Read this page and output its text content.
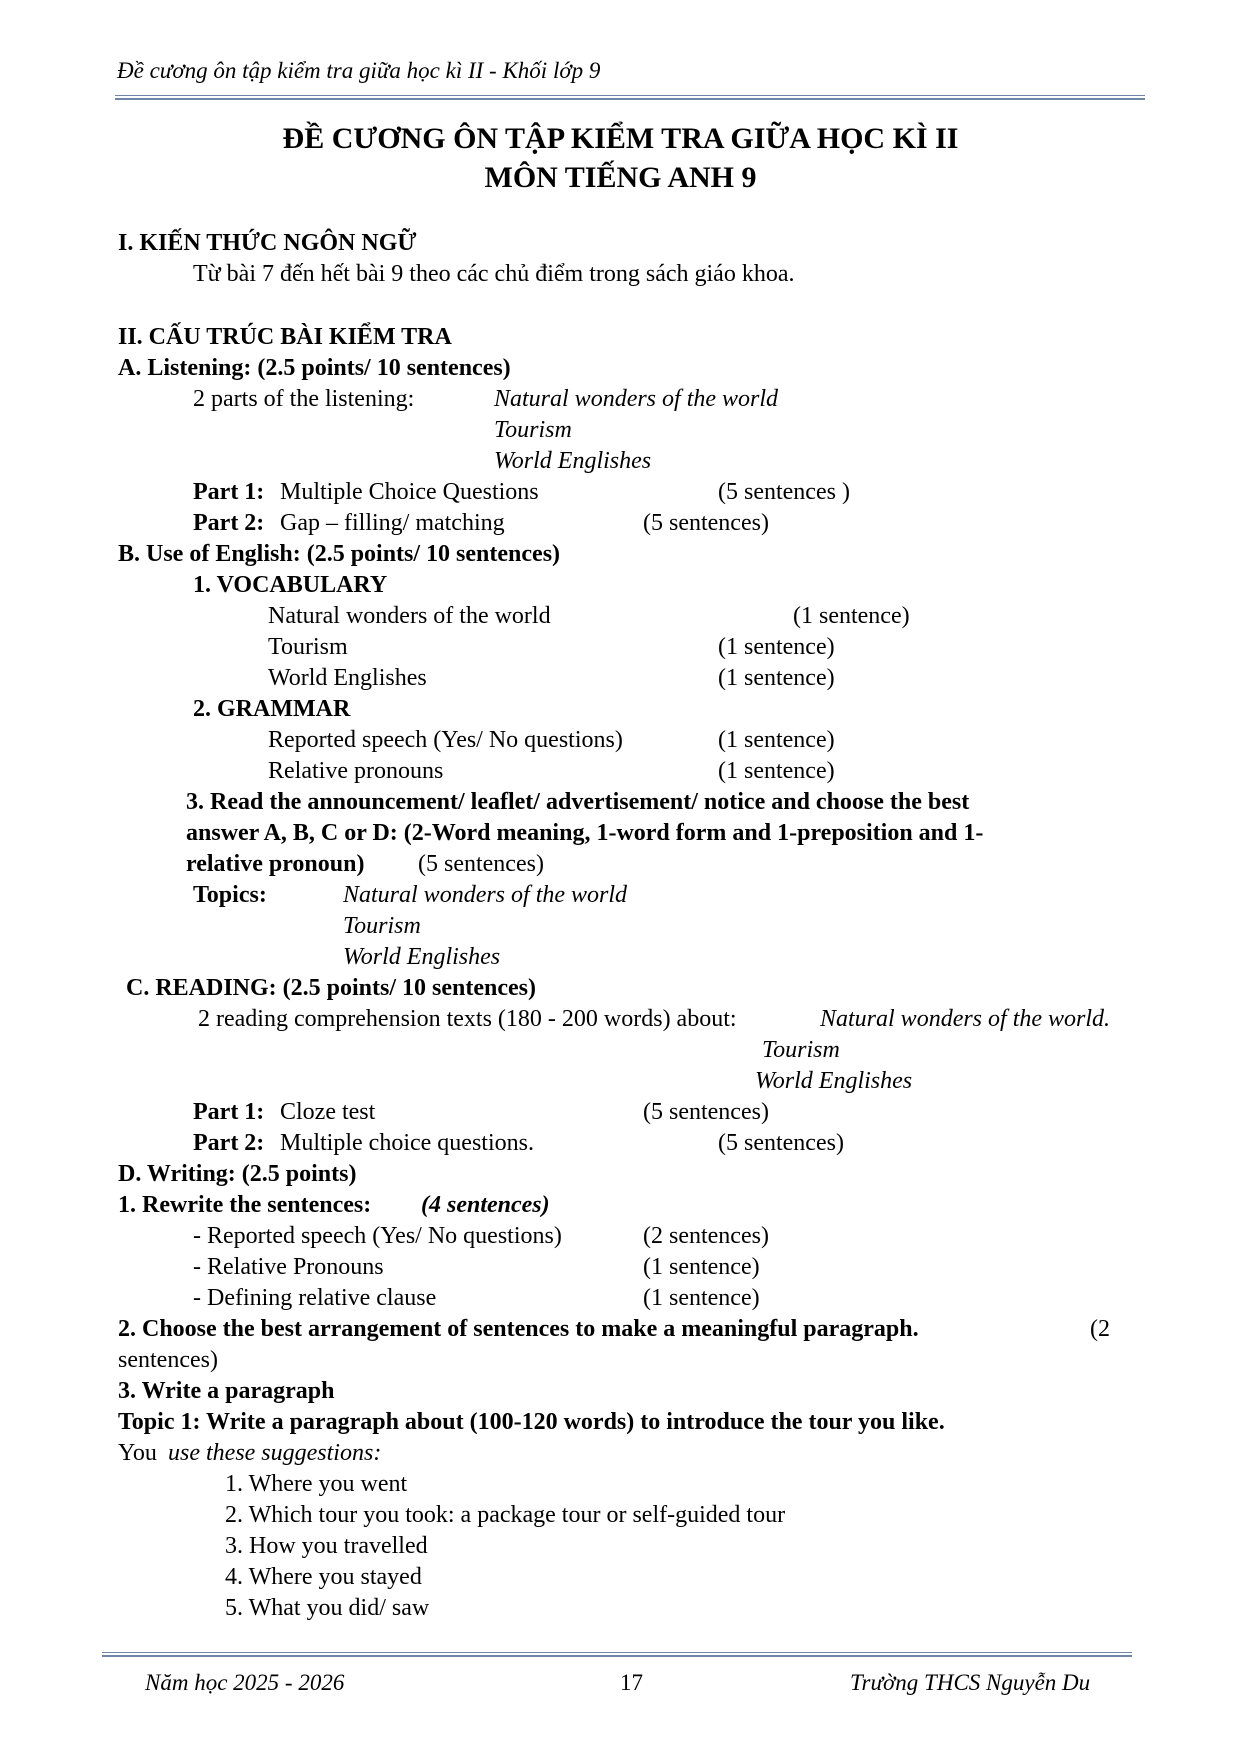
Đề cương ôn tập kiểm tra giữa học kì II - Khối lớp 9
ĐỀ CƯƠNG ÔN TẬP KIỂM TRA GIỮA HỌC KÌ II
MÔN TIẾNG ANH 9
I. KIẾN THỨC NGÔN NGỮ
Từ bài 7 đến hết bài 9 theo các chủ điểm trong sách giáo khoa.
II. CẤU TRÚC BÀI KIỂM TRA
A. Listening: (2.5 points/ 10 sentences)
2 parts of the listening:	Natural wonders of the world
Tourism
World Englishes
Part 1: Multiple Choice Questions	(5 sentences )
Part 2: Gap – filling/ matching	(5 sentences)
B. Use of English: (2.5 points/ 10 sentences)
1. VOCABULARY
Natural wonders of the world	(1 sentence)
Tourism	(1 sentence)
World Englishes	(1 sentence)
2. GRAMMAR
Reported speech (Yes/ No questions)	(1 sentence)
Relative pronouns	(1 sentence)
3. Read the announcement/ leaflet/ advertisement/ notice and choose the best
answer A, B, C or D: (2-Word meaning, 1-word form and 1-preposition and 1-
relative pronoun) (5 sentences)
Topics:	Natural wonders of the world
Tourism
World Englishes
C. READING: (2.5 points/ 10 sentences)
2 reading comprehension texts (180 - 200 words) about:	Natural wonders of the world.
Tourism
World Englishes
Part 1: Cloze test	(5 sentences)
Part 2: Multiple choice questions.	(5 sentences)
D. Writing: (2.5 points)
1. Rewrite the sentences: (4 sentences)
- Reported speech (Yes/ No questions)	(2 sentences)
- Relative Pronouns	(1 sentence)
- Defining relative clause	(1 sentence)
2. Choose the best arrangement of sentences to make a meaningful paragraph.	(2
sentences)
3. Write a paragraph
Topic 1: Write a paragraph about (100-120 words) to introduce the tour you like.
You use these suggestions:
1. Where you went
2. Which tour you took: a package tour or self-guided tour
3. How you travelled
4. Where you stayed
5. What you did/ saw
Năm học 2025 - 2026	17	Trường THCS Nguyễn Du
